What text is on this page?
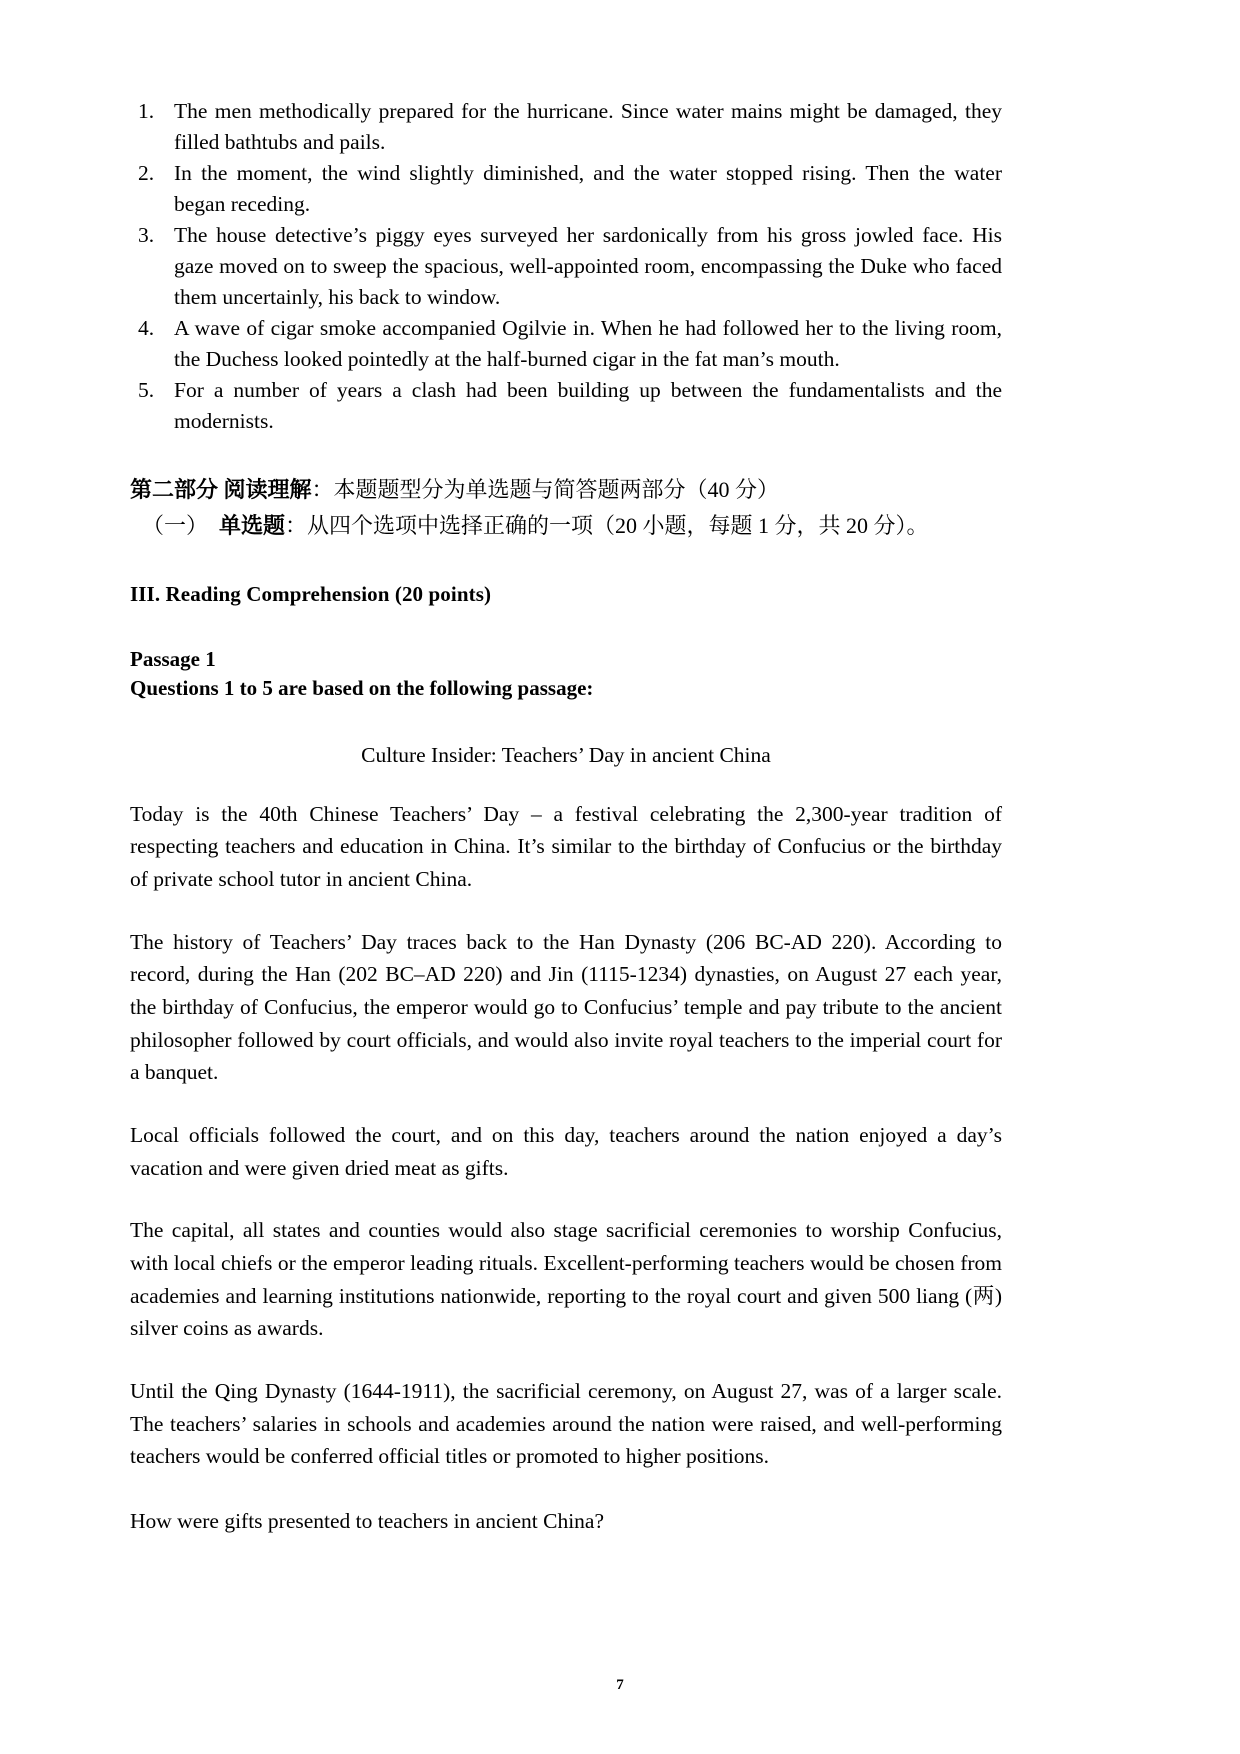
1. The men methodically prepared for the hurricane. Since water mains might be damaged, they filled bathtubs and pails.
2. In the moment, the wind slightly diminished, and the water stopped rising. Then the water began receding.
3. The house detective’s piggy eyes surveyed her sardonically from his gross jowled face. His gaze moved on to sweep the spacious, well-appointed room, encompassing the Duke who faced them uncertainly, his back to window.
4. A wave of cigar smoke accompanied Ogilvie in. When he had followed her to the living room, the Duchess looked pointedly at the half-burned cigar in the fat man’s mouth.
5. For a number of years a clash had been building up between the fundamentalists and the modernists.
第二部分 阅读理解：本题题型分为单选题与简答题两部分（40 分）
（一）　单选题：从四个选项中选择正确的一项（20 小题，每题 1 分，共 20 分）。
III. Reading Comprehension (20 points)
Passage 1
Questions 1 to 5 are based on the following passage:
Culture Insider: Teachers’ Day in ancient China

Today is the 40th Chinese Teachers’ Day – a festival celebrating the 2,300-year tradition of respecting teachers and education in China. It’s similar to the birthday of Confucius or the birthday of private school tutor in ancient China.

The history of Teachers’ Day traces back to the Han Dynasty (206 BC-AD 220). According to record, during the Han (202 BC–AD 220) and Jin (1115-1234) dynasties, on August 27 each year, the birthday of Confucius, the emperor would go to Confucius’ temple and pay tribute to the ancient philosopher followed by court officials, and would also invite royal teachers to the imperial court for a banquet.

Local officials followed the court, and on this day, teachers around the nation enjoyed a day’s vacation and were given dried meat as gifts.

The capital, all states and counties would also stage sacrificial ceremonies to worship Confucius, with local chiefs or the emperor leading rituals. Excellent-performing teachers would be chosen from academies and learning institutions nationwide, reporting to the royal court and given 500 liang (两) silver coins as awards.

Until the Qing Dynasty (1644-1911), the sacrificial ceremony, on August 27, was of a larger scale. The teachers’ salaries in schools and academies around the nation were raised, and well-performing teachers would be conferred official titles or promoted to higher positions.

How were gifts presented to teachers in ancient China?

7
